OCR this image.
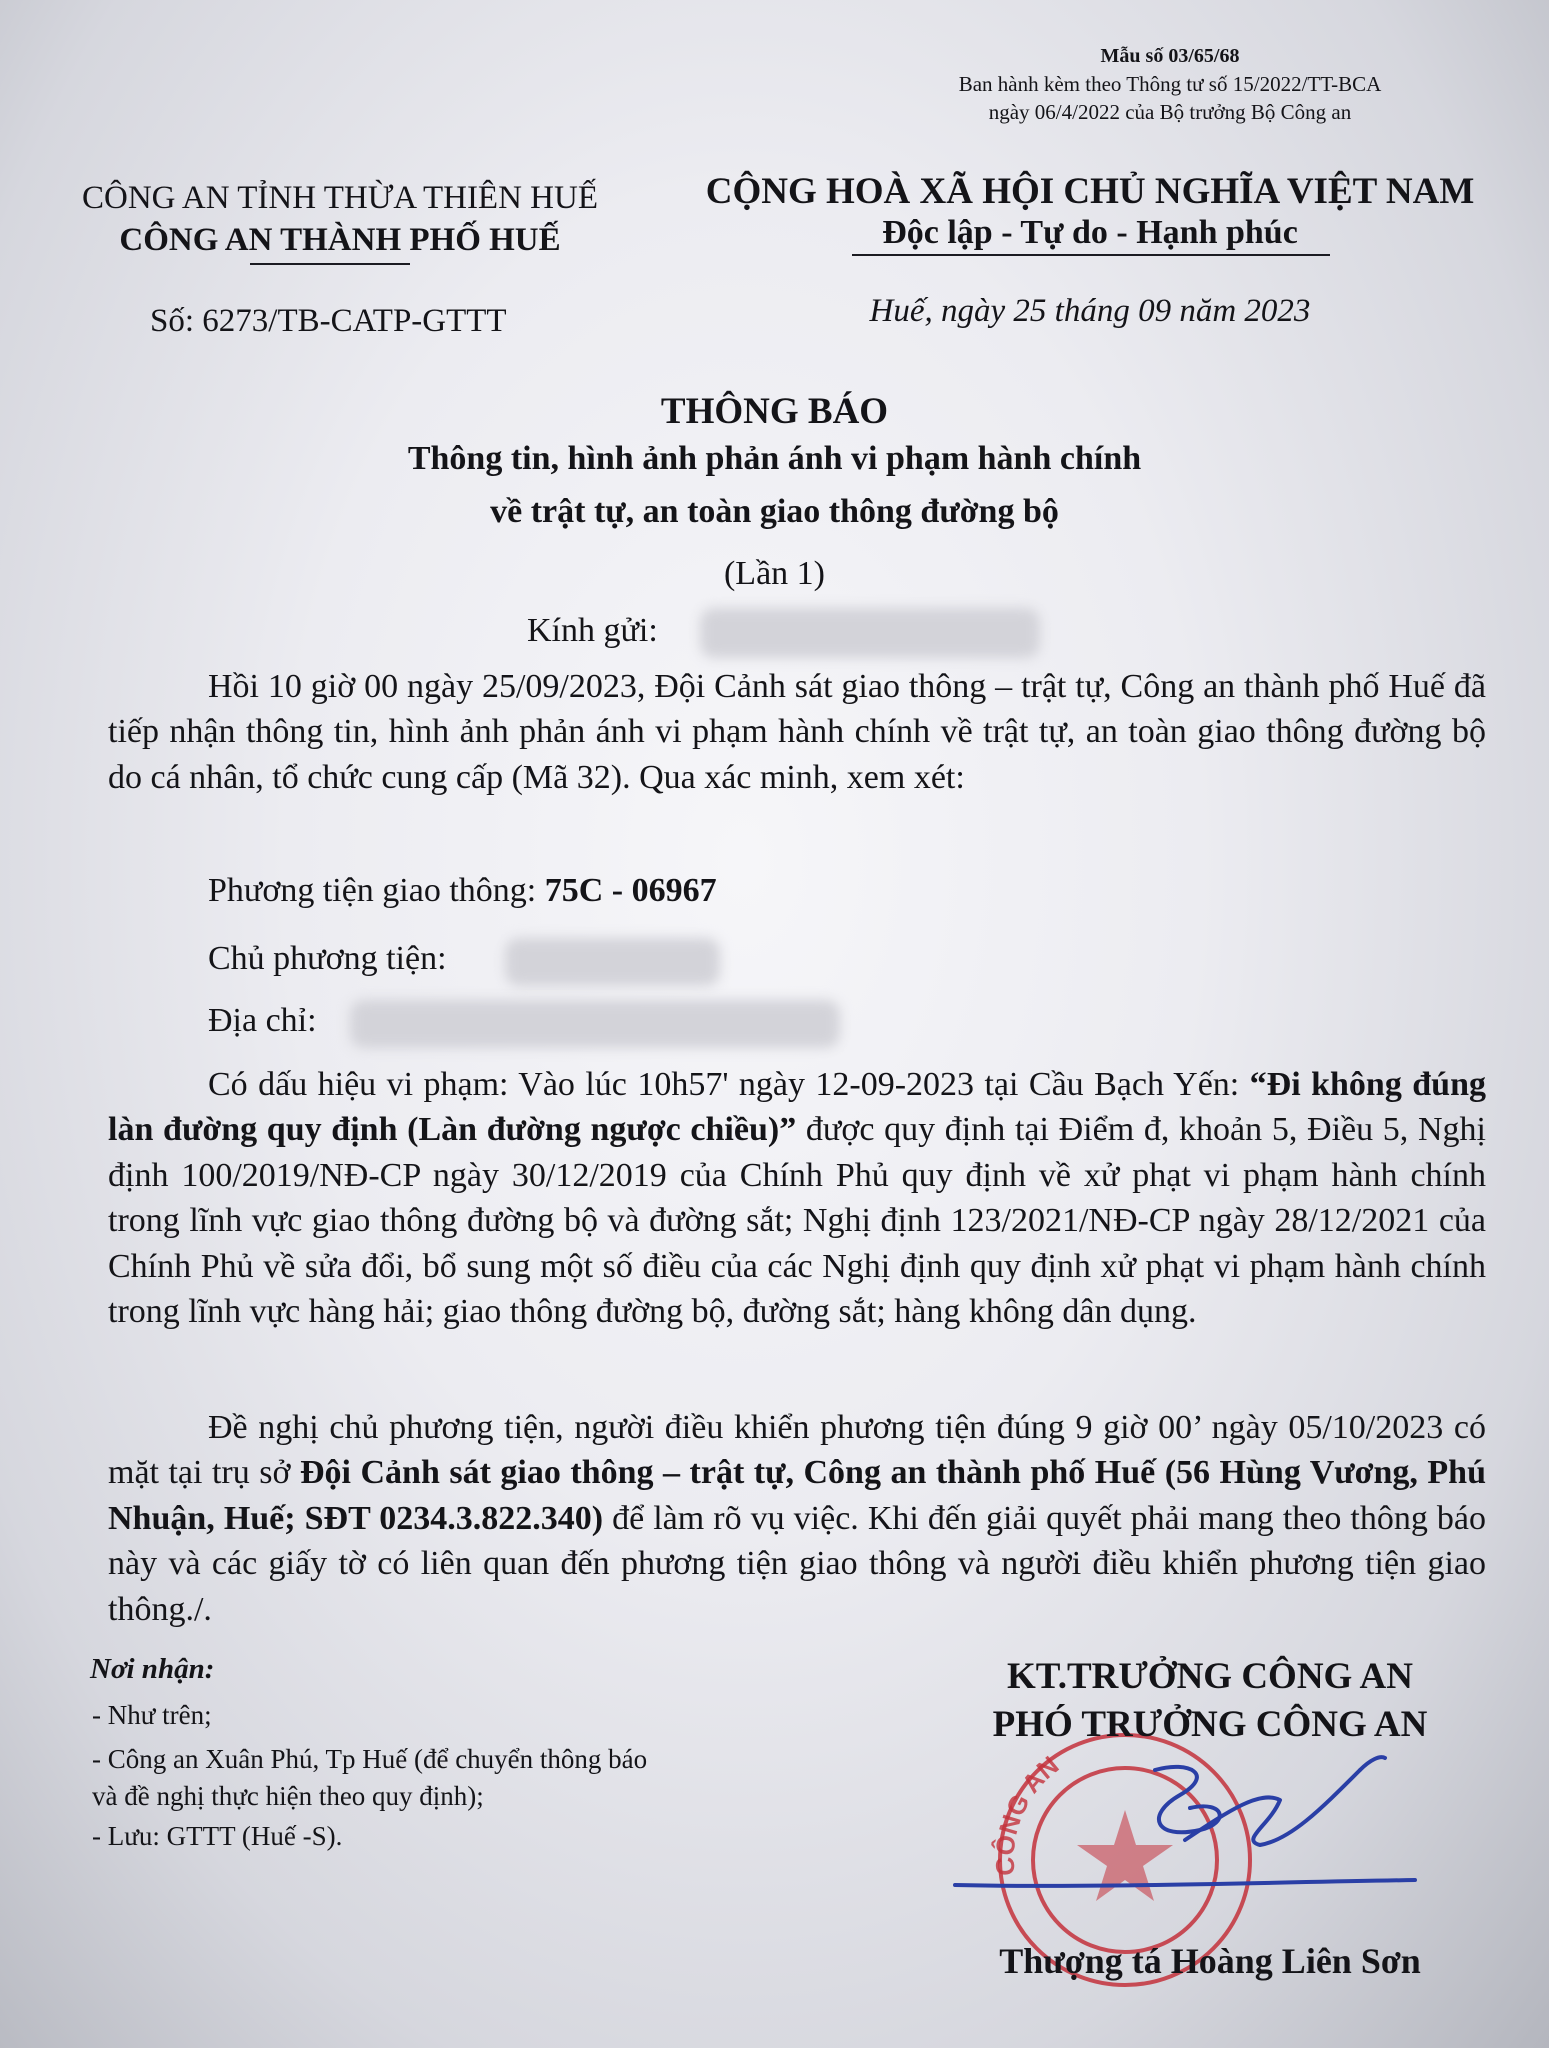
Mẫu số 03/65/68
Ban hành kèm theo Thông tư số 15/2022/TT-BCA
ngày 06/4/2022 của Bộ trưởng Bộ Công an
CÔNG AN TỈNH THỪA THIÊN HUẾ
CÔNG AN THÀNH PHỐ HUẾ
CỘNG HOÀ XÃ HỘI CHỦ NGHĨA VIỆT NAM
Độc lập - Tự do - Hạnh phúc
Số: 6273/TB-CATP-GTTT	Huế, ngày 25 tháng 09 năm 2023
THÔNG BÁO
Thông tin, hình ảnh phản ánh vi phạm hành chính
về trật tự, an toàn giao thông đường bộ
(Lần 1)
Kính gửi:

Hồi 10 giờ 00 ngày 25/09/2023, Đội Cảnh sát giao thông – trật tự, Công an thành phố Huế đã tiếp nhận thông tin, hình ảnh phản ánh vi phạm hành chính về trật tự, an toàn giao thông đường bộ do cá nhân, tổ chức cung cấp (Mã 32). Qua xác minh, xem xét:

Phương tiện giao thông: 75C - 06967
Chủ phương tiện:
Địa chỉ:

Có dấu hiệu vi phạm: Vào lúc 10h57' ngày 12-09-2023 tại Cầu Bạch Yến: “Đi không đúng làn đường quy định (Làn đường ngược chiều)” được quy định tại Điểm đ, khoản 5, Điều 5, Nghị định 100/2019/NĐ-CP ngày 30/12/2019 của Chính Phủ quy định về xử phạt vi phạm hành chính trong lĩnh vực giao thông đường bộ và đường sắt; Nghị định 123/2021/NĐ-CP ngày 28/12/2021 của Chính Phủ về sửa đổi, bổ sung một số điều của các Nghị định quy định xử phạt vi phạm hành chính trong lĩnh vực hàng hải; giao thông đường bộ, đường sắt; hàng không dân dụng.

Đề nghị chủ phương tiện, người điều khiển phương tiện đúng 9 giờ 00’ ngày 05/10/2023 có mặt tại trụ sở Đội Cảnh sát giao thông – trật tự, Công an thành phố Huế (56 Hùng Vương, Phú Nhuận, Huế; SĐT 0234.3.822.340) để làm rõ vụ việc. Khi đến giải quyết phải mang theo thông báo này và các giấy tờ có liên quan đến phương tiện giao thông và người điều khiển phương tiện giao thông./.

Nơi nhận:
- Như trên;
- Công an Xuân Phú, Tp Huế (để chuyển thông báo
và đề nghị thực hiện theo quy định);
- Lưu: GTTT (Huế -S).
CÔNG AN
KT.TRƯỞNG CÔNG AN
PHÓ TRƯỞNG CÔNG AN
Thượng tá Hoàng Liên Sơn
